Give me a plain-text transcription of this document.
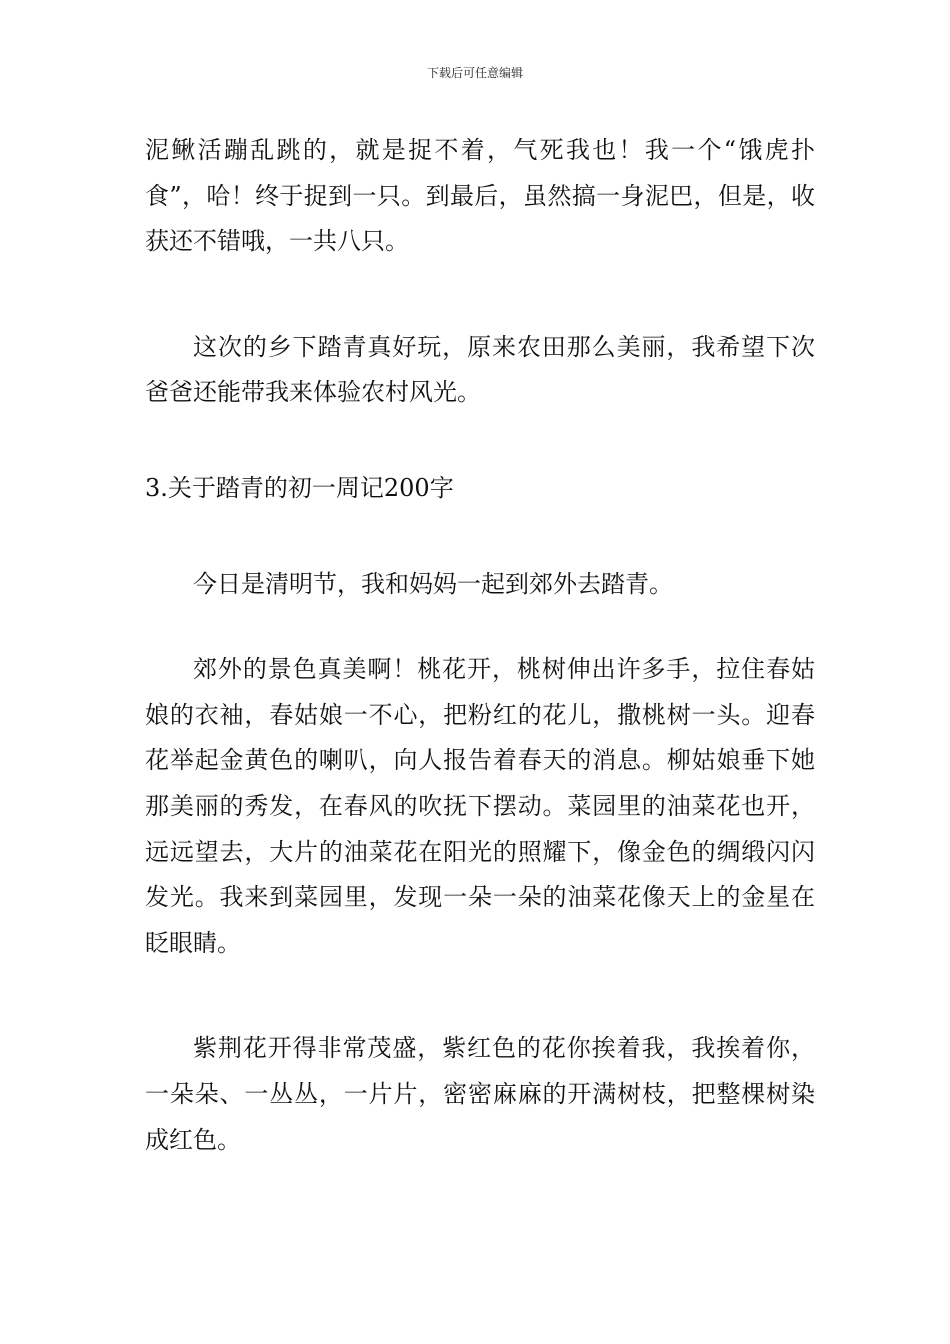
下载后可任意编辑

泥鳅活蹦乱跳的，就是捉不着，气死我也！我一个“饿虎扑食”，哈！终于捉到一只。到最后，虽然搞一身泥巴，但是，收获还不错哦，一共八只。

这次的乡下踏青真好玩，原来农田那么美丽，我希望下次爸爸还能带我来体验农村风光。

3.关于踏青的初一周记200字

今日是清明节，我和妈妈一起到郊外去踏青。

郊外的景色真美啊！桃花开，桃树伸出许多手，拉住春姑娘的衣袖，春姑娘一不心，把粉红的花儿，撒桃树一头。迎春花举起金黄色的喇叭，向人报告着春天的消息。柳姑娘垂下她那美丽的秀发，在春风的吹抚下摆动。菜园里的油菜花也开，远远望去，大片的油菜花在阳光的照耀下，像金色的绸缎闪闪发光。我来到菜园里，发现一朵一朵的油菜花像天上的金星在眨眼睛。

紫荆花开得非常茂盛，紫红色的花你挨着我，我挨着你，一朵朵、一丛丛，一片片，密密麻麻的开满树枝，把整棵树染成红色。
